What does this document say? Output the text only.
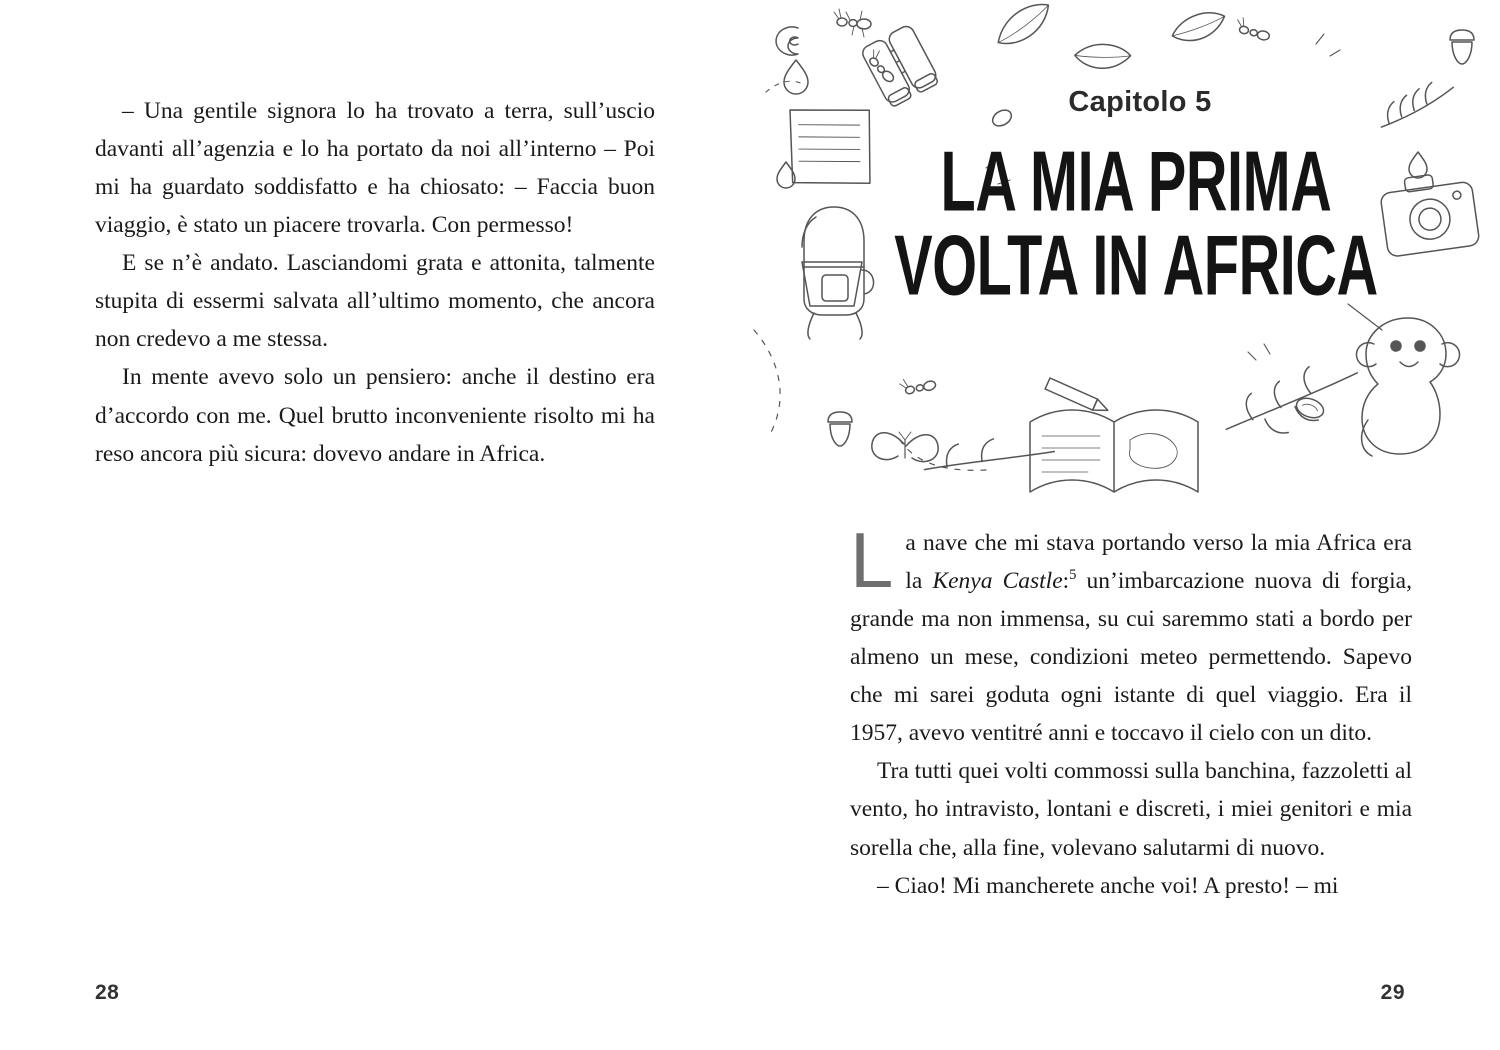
– Una gentile signora lo ha trovato a terra, sull’uscio davanti all’agenzia e lo ha portato da noi all’interno – Poi mi ha guardato soddisfatto e ha chiosato: – Faccia buon viaggio, è stato un piacere trovarla. Con permesso!

E se n’è andato. Lasciandomi grata e attonita, talmente stupita di essermi salvata all’ultimo momento, che ancora non credevo a me stessa.

In mente avevo solo un pensiero: anche il destino era d’accordo con me. Quel brutto inconveniente risolto mi ha reso ancora più sicura: dovevo andare in Africa.

28
Capitolo 5
LA MIA PRIMA
VOLTA IN AFRICA

La nave che mi stava portando verso la mia Africa era la Kenya Castle:$^5$ un’imbarcazione nuova di forgia, grande ma non immensa, su cui saremmo stati a bordo per almeno un mese, condizioni meteo permettendo. Sapevo che mi sarei goduta ogni istante di quel viaggio. Era il 1957, avevo ventitré anni e toccavo il cielo con un dito.

Tra tutti quei volti commossi sulla banchina, fazzoletti al vento, ho intravisto, lontani e discreti, i miei genitori e mia sorella che, alla fine, volevano salutarmi di nuovo.

– Ciao! Mi mancherete anche voi! A presto! – mi

29
